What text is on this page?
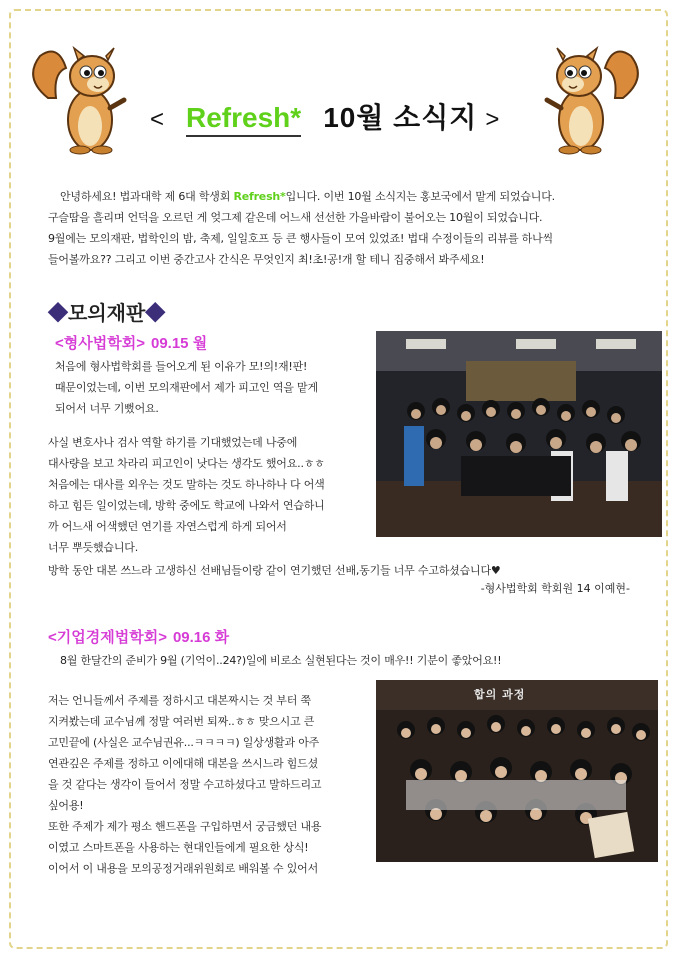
< Refresh* 10월 소식지 >
안녕하세요! 법과대학 제 6대 학생회 Refresh*입니다. 이번 10월 소식지는 홍보국에서 맡게 되었습니다.
구슬땀을 흘리며 언덕을 오르던 게 엊그제 같은데 어느새 선선한 가을바람이 불어오는 10월이 되었습니다.
9월에는 모의재판, 법학인의 밤, 축제, 일일호프 등 큰 행사들이 모여 있었죠! 법대 수정이들의 리뷰를 하나씩
들어볼까요?? 그리고 이번 중간고사 간식은 무엇인지 최!초!공!개 할 테니 집중해서 봐주세요!
◆모의재판◆
<형사법학회> 09.15 월
처음에 형사법학회를 들어오게 된 이유가 모!의!재!판!
때문이었는데, 이번 모의재판에서 제가 피고인 역을 맡게
되어서 너무 기뻤어요.
사실 변호사나 검사 역할 하기를 기대했었는데 나중에
대사량을 보고 차라리 피고인이 낫다는 생각도 했어요..ㅎㅎ
처음에는 대사를 외우는 것도 말하는 것도 하나하나 다 어색
하고 힘든 일이었는데, 방학 중에도 학교에 나와서 연습하니
까 어느새 어색했던 연기를 자연스럽게 하게 되어서
너무 뿌듯했습니다.
방학 동안 대본 쓰느라 고생하신 선배님들이랑 같이 연기했던 선배,동기들 너무 수고하셨습니다♥
-형사법학회 학회원 14 이예현-
<기업경제법학회> 09.16 화
8월 한달간의 준비가 9월 (기억이..24?)일에 비로소 실현된다는 것이 매우!! 기분이 좋았어요!!
저는 언니들께서 주제를 정하시고 대본짜시는 것 부터 쭉
지켜봤는데 교수님께 정말 여러번 퇴짜..ㅎㅎ 맞으시고 큰
고민끝에 (사실은 교수님권유...ㅋㅋㅋㅋ) 일상생활과 아주
연관깊은 주제를 정하고 이에대해 대본을 쓰시느라 힘드셨
을 것 같다는 생각이 들어서 정말 수고하셨다고 말하드리고
싶어용!
또한 주제가 제가 평소 핸드폰을 구입하면서 궁금했던 내용
이였고 스마트폰을 사용하는 현대인들에게 필요한 상식!
이어서 이 내용을 모의공정거래위원회로 배워볼 수 있어서
합의 과정
